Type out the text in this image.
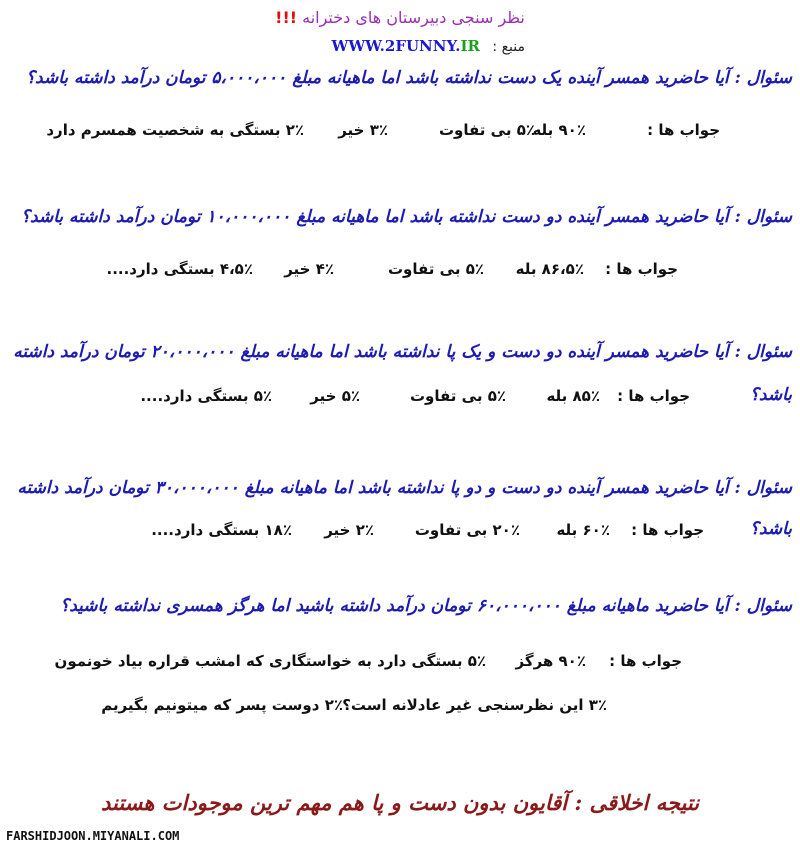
نظر سنجی دبیرستان های دخترانه !!!
منبع : WWW.2FUNNY.IR
سئوال : آیا حاضرید همسر آینده یک دست نداشته باشد اما ماهیانه مبلغ ۵،۰۰۰،۰۰۰ تومان درآمد داشته باشد؟
جواب ها :
۹۰٪ بله
۵٪ بی تفاوت
۳٪ خیر
۲٪ بستگی به شخصیت همسرم دارد
سئوال : آیا حاضرید همسر آینده دو دست نداشته باشد اما ماهیانه مبلغ ۱۰،۰۰۰،۰۰۰ تومان درآمد داشته باشد؟
جواب ها :
۸۶،۵٪ بله
۵٪ بی تفاوت
۴٪ خیر
۴،۵٪ بستگی دارد....
سئوال : آیا حاضرید همسر آینده دو دست و یک پا نداشته باشد اما ماهیانه مبلغ ۲۰،۰۰۰،۰۰۰ تومان درآمد داشته
باشد؟
جواب ها :
۸۵٪ بله
۵٪ بی تفاوت
۵٪ خیر
۵٪ بستگی دارد....
سئوال : آیا حاضرید همسر آینده دو دست و دو پا نداشته باشد اما ماهیانه مبلغ ۳۰،۰۰۰،۰۰۰ تومان درآمد داشته
باشد؟
جواب ها :
۶۰٪ بله
۲۰٪ بی تفاوت
۲٪ خیر
۱۸٪ بستگی دارد....
سئوال : آیا حاضرید ماهیانه مبلغ ۶۰،۰۰۰،۰۰۰ تومان درآمد داشته باشید اما هرگز همسری نداشته باشید؟
جواب ها :
۹۰٪ هرگز
۵٪ بستگی دارد به خواستگاری که امشب قراره بیاد خونمون
۳٪ این نظرسنجی غیر عادلانه است؟
۲٪ دوست پسر که میتونیم بگیریم
نتیجه اخلاقی : آقایون بدون دست و پا هم مهم ترین موجودات هستند
FARSHIDJOON.MIYANALI.COM
